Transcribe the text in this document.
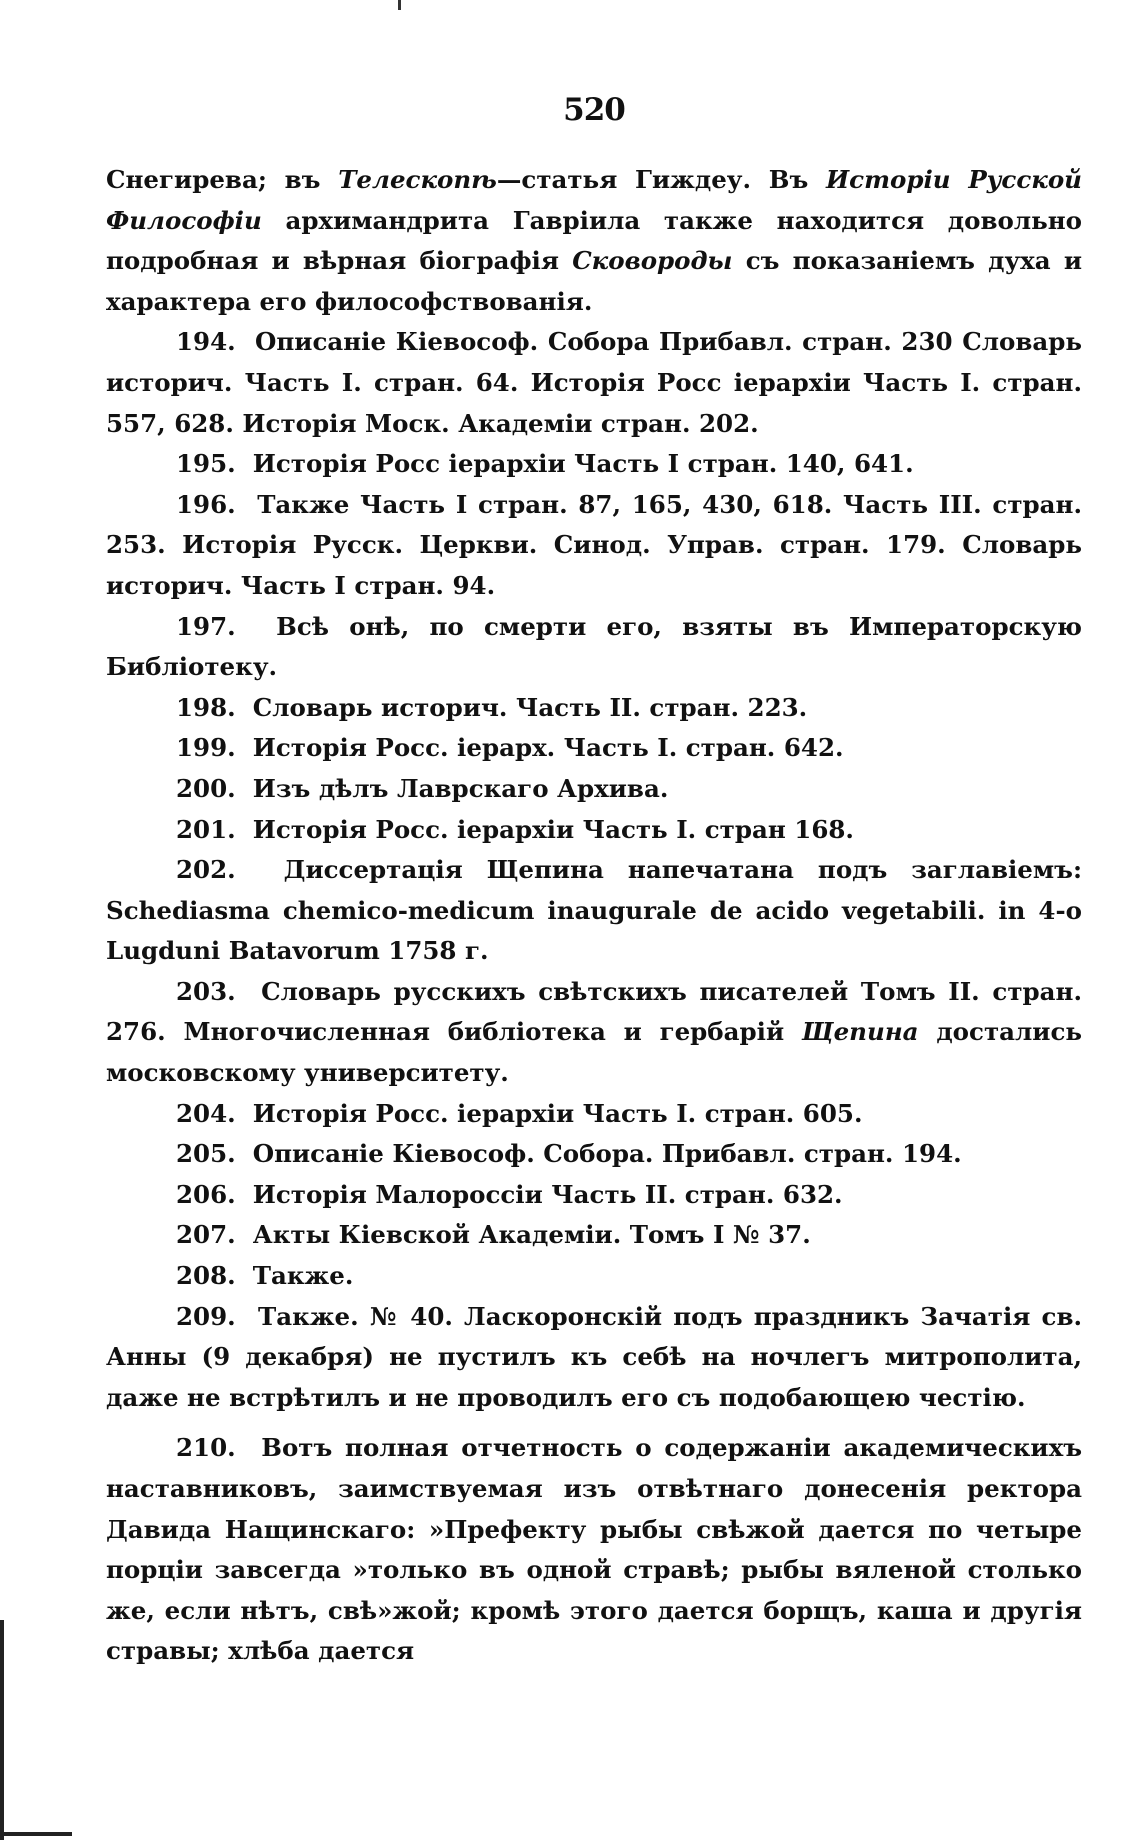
520

Снегирева; въ Телескопѣ—статья Гиждеу. Въ Исторіи Русской Философіи архимандрита Гавріила также находится довольно подробная и вѣрная біографія Сковороды съ показаніемъ духа и характера его философствованія.

194. Описаніе Кіевософ. Собора Прибавл. стран. 230 Словарь историч. Часть I. стран. 64. Исторія Росс іерархіи Часть I. стран. 557, 628. Исторія Моск. Академіи стран. 202.

195. Исторія Росс іерархіи Часть I стран. 140, 641.

196. Также Часть I стран. 87, 165, 430, 618. Часть III. стран. 253. Исторія Русск. Церкви. Синод. Управ. стран. 179. Словарь историч. Часть I стран. 94.

197. Всѣ онѣ, по смерти его, взяты въ Императорскую Библіотеку.

198. Словарь историч. Часть II. стран. 223.

199. Исторія Росс. іерарх. Часть I. стран. 642.

200. Изъ дѣлъ Лаврскаго Архива.

201. Исторія Росс. іерархіи Часть I. стран 168.

202. Диссертація Щепина напечатана подъ заглавіемъ: Schediasma chemico-medicum inaugurale de acido vegetabili. in 4-o Lugduni Batavorum 1758 г.

203. Словарь русскихъ свѣтскихъ писателей Томъ II. стран. 276. Многочисленная библіотека и гербарій Щепина достались московскому университету.

204. Исторія Росс. іерархіи Часть I. стран. 605.

205. Описаніе Кіевософ. Собора. Прибавл. стран. 194.

206. Исторія Малороссіи Часть II. стран. 632.

207. Акты Кіевской Академіи. Томъ I № 37.

208. Также.

209. Также. № 40. Лaскоронскій подъ праздникъ Зачатія св. Анны (9 декабря) не пустилъ къ себѣ на ночлегъ митрополита, даже не встрѣтилъ и не проводилъ его съ подобающею честію.

210. Вотъ полная отчетность о содержаніи академическихъ наставниковъ, заимствуемая изъ отвѣтнаго донесенія ректора Давида Нащинскаго: »Префекту рыбы свѣжой дается по четыре порціи завсегда »только въ одной стравѣ; рыбы вяленой столько же, если нѣтъ, свѣ»жой; кромѣ этого дается борщъ, каша и другія стравы; хлѣба дается
